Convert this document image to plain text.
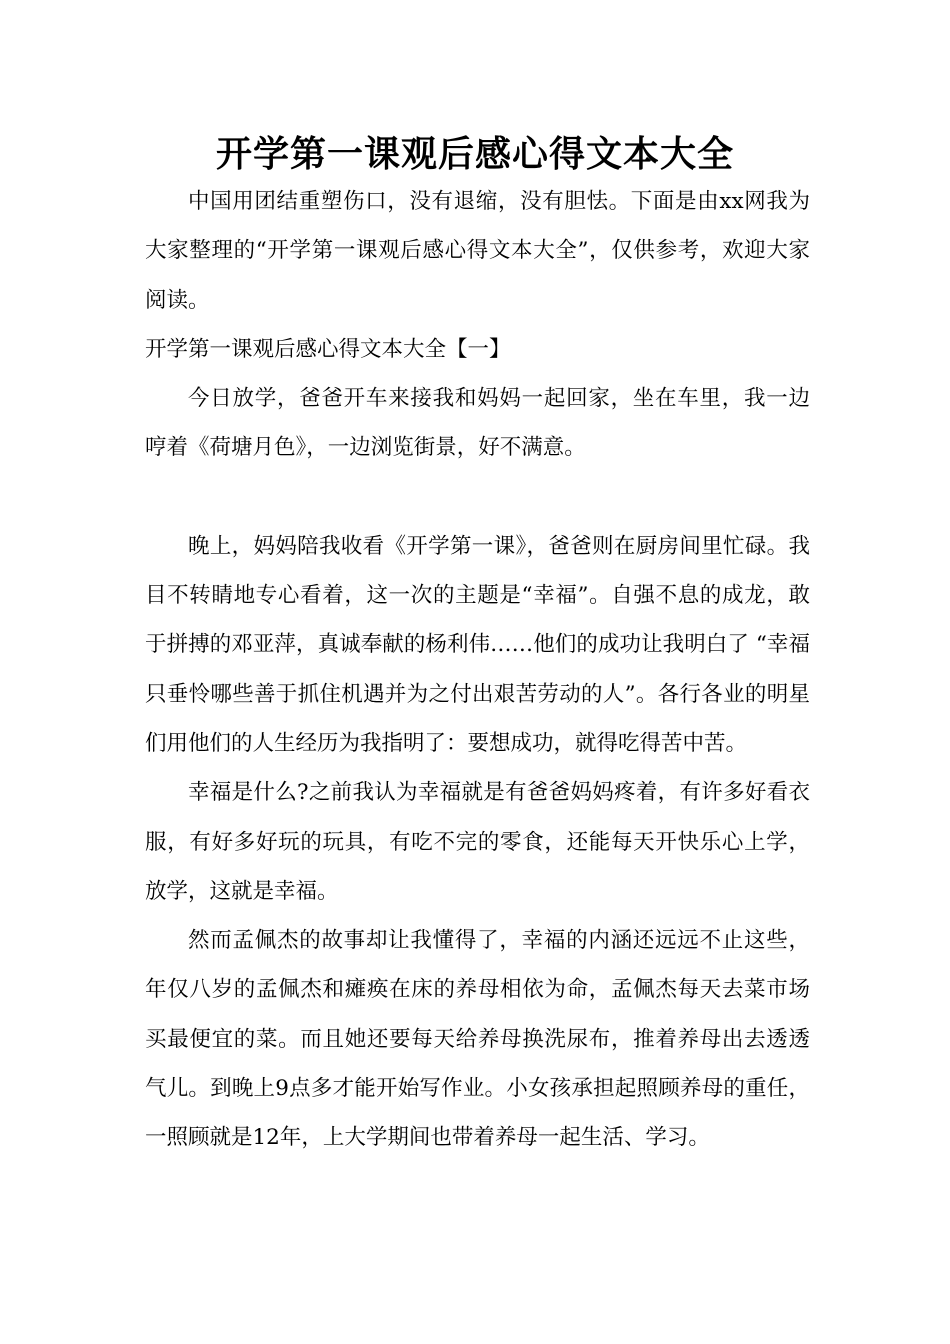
开学第一课观后感心得文本大全

中国用团结重塑伤口，没有退缩，没有胆怯。下面是由xx网我为大家整理的“开学第一课观后感心得文本大全”，仅供参考，欢迎大家阅读。

开学第一课观后感心得文本大全【一】

今日放学，爸爸开车来接我和妈妈一起回家，坐在车里，我一边哼着《荷塘月色》，一边浏览街景，好不满意。

晚上，妈妈陪我收看《开学第一课》，爸爸则在厨房间里忙碌。我目不转睛地专心看着，这一次的主题是“幸福”。自强不息的成龙，敢于拼搏的邓亚萍，真诚奉献的杨利伟……他们的成功让我明白了 “幸福只垂怜哪些善于抓住机遇并为之付出艰苦劳动的人”。各行各业的明星们用他们的人生经历为我指明了：要想成功，就得吃得苦中苦。

幸福是什么?之前我认为幸福就是有爸爸妈妈疼着，有许多好看衣服，有好多好玩的玩具，有吃不完的零食，还能每天开快乐心上学，放学，这就是幸福。

然而孟佩杰的故事却让我懂得了，幸福的内涵还远远不止这些，年仅八岁的孟佩杰和瘫痪在床的养母相依为命，孟佩杰每天去菜市场买最便宜的菜。而且她还要每天给养母换洗尿布，推着养母出去透透气儿。到晚上9点多才能开始写作业。小女孩承担起照顾养母的重任，一照顾就是12年，上大学期间也带着养母一起生活、学习。
